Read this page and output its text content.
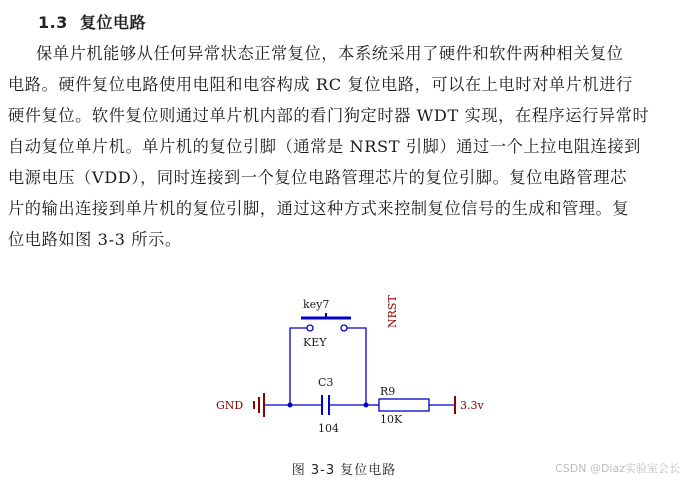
1.3 复位电路
保单片机能够从任何异常状态正常复位，本系统采用了硬件和软件两种相关复位
电路。硬件复位电路使用电阻和电容构成 RC 复位电路，可以在上电时对单片机进行
硬件复位。软件复位则通过单片机内部的看门狗定时器 WDT 实现，在程序运行异常时
自动复位单片机。单片机的复位引脚（通常是 NRST 引脚）通过一个上拉电阻连接到
电源电压（VDD），同时连接到一个复位电路管理芯片的复位引脚。复位电路管理芯
片的输出连接到单片机的复位引脚，通过这种方式来控制复位信号的生成和管理。复
位电路如图 3-3 所示。
key7
KEY
NRST
C3
104
R9
10K
GND	3.3v
图 3-3 复位电路	CSDN @Diaz实验室会长
